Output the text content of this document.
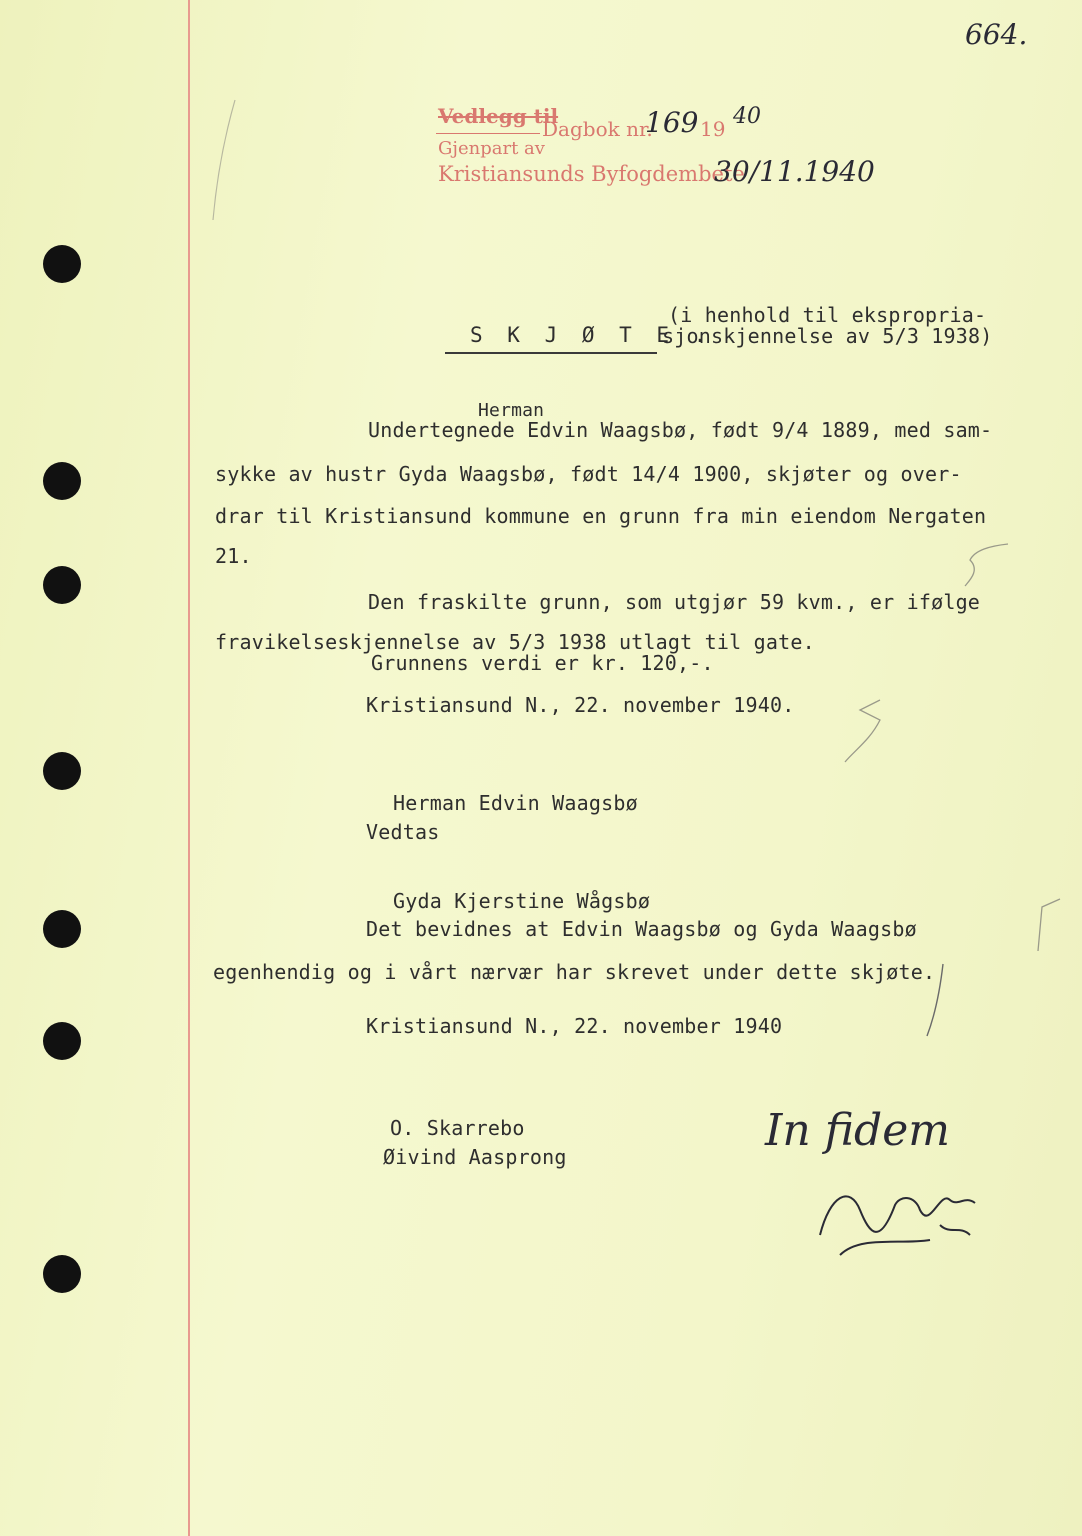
664.
Vedlegg til
Dagbok nr.
169 19 40
Gjenpart av
Kristiansunds Byfogdembete
30/11.1940
S K J Ø T E .
(i henhold til ekspropria-
sjonskjennelse av 5/3 1938)
Herman
Undertegnede Edvin Waagsbø, født 9/4 1889, med sam-
sykke av hustr Gyda Waagsbø, født 14/4 1900, skjøter og over-
drar til Kristiansund kommune en grunn fra min eiendom Nergaten
21.
Den fraskilte grunn, som utgjør 59 kvm., er ifølge
fravikelseskjennelse av 5/3 1938 utlagt til gate.
Grunnens verdi er kr. 120,-.
Kristiansund N., 22. november 1940.
Herman Edvin Waagsbø
Vedtas
Gyda Kjerstine Wågsbø
Det bevidnes at Edvin Waagsbø og Gyda Waagsbø
egenhendig og i vårt nærvær har skrevet under dette skjøte.
Kristiansund N., 22. november 1940
O. Skarrebo
Øivind Aasprong
In fidem
